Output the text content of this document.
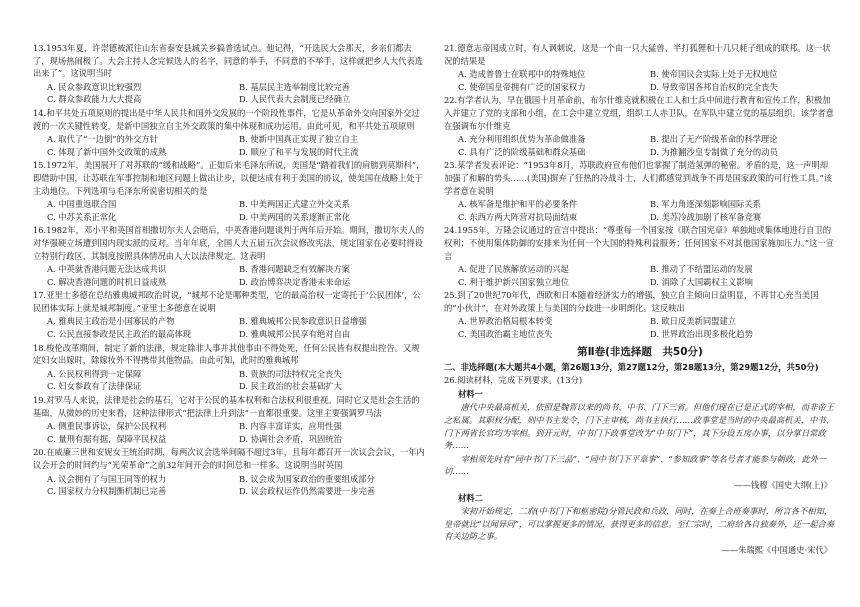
13.1953年夏，许崇德被派往山东省泰安县城关乡搞普选试点。他记得，“开选民大会那天，乡亲们都去了，现场热闹极了。大会主持人念完候选人的名字，同意的举手，不同意的不举手，这样就把乡人大代表选出来了”。这说明当时
A. 民众参政意识比较强烈	B. 基层民主选举制度比较完善
C. 群众参政能力大大提高	D. 人民代表大会制度已经确立
14.和平共处五项原则的提出是中华人民共和国外交发展的一个阶段性事件，它是从革命外交向国家外交过渡的一次关键性转变，是新中国独立自主外交政策的集中体现和成功运用。由此可见，和平共处五项原则
A. 取代了“一边倒”的外交方针	B. 使新中国真正实现了独立自主
C. 体现了新中国外交政策的成熟	D. 顺应了和平与发展的时代主流
15.1972年，美国展开了对苏联的“缓和战略”。正如后来毛泽东所说，美国是“踏着我们的肩膀到莫斯科”，即借助中国，让苏联在军事控制和地区问题上做出让步，以便达成有利于美国的协议，使美国在战略上处于主动地位。下列选项与毛泽东所说密切相关的是
A. 中国重返联合国	B. 中美两国正式建立外交关系
C. 中苏关系正常化	D. 中美两国的关系逐渐正常化
16.1982年，邓小平和英国首相撒切尔夫人会晤后，中英香港问题谈判于两年后开始。期间，撒切尔夫人的对华强硬立场遭到国内现实派的反对。当年年底，全国人大五届五次会议修改宪法，规定国家在必要时得设立特别行政区，其制度按照具体情况由人大以法律规定。这表明
A. 中英就香港问题无法达成共识	B. 香港问题缺乏有效解决方案
C. 解决香港问题的时机日益成熟	D. 政治博弈决定香港未来命运
17.亚里士多德在总结雅典城邦政治时说，“城邦不论是哪种类型，它的最高治权一定寄托于‘公民团体’，公民团体实际上就是城邦制度。”亚里士多德意在说明
A. 雅典民主政治是小国寡民的产物	B. 雅典城邦公民参政意识日益增强
C. 公民直接参政是民主政治的最高体现	D. 雅典城邦公民享有绝对自由
18.梭伦改革期间，制定了新的法律，规定除非人事并其他事由不得处死，任何公民皆有权提出控告。又规定妇女出嫁时，除嫁妆外不得携带其他物品。由此可知，此时的雅典城邦
A. 公民权利得到一定保障	B. 贵族的司法特权完全丧失
C. 妇女参政有了法律保证	D. 民主政治的社会基础扩大
19.对罗马人来说，法律是社会的基石，它对于公民的基本权利和合法权利很重视。同时它又是社会生活的基础，从微妙的历史来看，这种法律形式“把法律上升到法”一直都很重要。这里主要强调罗马法
A. 侧重民事诉讼，保护公民权利	B. 内容丰富详实，应用性强
C. 量刑有据有据，保障平民权益	D. 协调社会矛盾，巩固统治
20.在威廉三世和安妮女王统治时期，每两次议会选举间隔不超过3年，且每年都召开一次议会会议，一年内议会开会的时间约与“光荣革命”之前32年间开会的时间总和一样多。这说明当时英国
A. 议会拥有了与国王同等的权力	B. 议会成为国家政治的重要组成部分
C. 国家权力分权制衡机制已完善	D. 议会政权运作仍然需要进一步完善
21.德意志帝国成立时，有人讽刺说，这是一个由一只大猛兽、半打狐狸和十几只耗子组成的联邦。这一状况的结果是
A. 造成普鲁士在联邦中的特殊地位	B. 使帝国议会实际上处于无权地位
C. 使帝国皇帝拥有广泛的国家权力	D. 导致帝国各邦自治权的完全丧失
22.有学者认为，早在俄国十月革命前，布尔什维克就积极在工人和士兵中间进行教育和宣传工作，积极加入并建立了党的支部和小组，在工会中建立党组，组织工人赤卫队，在军队中建立党的基层组织。该学者意在强调布尔什维克
A. 充分利用组织优势为革命做准备	B. 提出了无产阶级革命的科学理论
C. 具有广泛的阶级基础和群众基础	D. 为推翻沙皇专制做了充分的动员
23.某学者发表评论：“1953年8月，苏联政府宣布他们也掌握了制造氢弹的秘密。矛盾的是，这一声明却加强了和解的势头……(美国)摒弃了狂热的冷战斗士，人们都感觉到战争不再是国家政策的可行性工具。”该学者意在说明
A. 核军备是维护和平的必要条件	B. 军力角逐深刻影响国际关系
C. 东西方两大阵营对抗局面结束	D. 美苏冷战加剧了核军备竞赛
24.1955年，万隆会议通过的宣言中提出：“尊重每一个国家按《联合国宪章》单独地或集体地进行自卫的权利；不使用集体防御的安排来为任何一个大国的特殊利益服务；任何国家不对其他国家施加压力。”这一宣言
A. 促进了民族解放运动的兴起	B. 推动了不结盟运动的发展
C. 利于维护新兴国家独立地位	D. 消除了大国霸权主义影响
25.到了20世纪70年代，西欧和日本随着经济实力的增强，独立自主倾向日益明显，不再甘心充当美国的“小伙计”，在对外政策上与美国的分歧进一步明朗化。这反映出
A. 世界政治格局根本转变	B. 欧日反美新同盟建立
C. 美国政治霸主地位丧失	D. 世界政治出现多极化趋势
第Ⅱ卷(非选择题　共50分)
二、非选择题(本大题共4小题，第26题13分，第27题12分，第28题13分，第29题12分，共50分)
26.阅读材料，完成下列要求。(13分)
材料一
唐代中央最高机关，依照是魏晋以来的尚书、中书、门下三省。但他们现在已是正式的宰相，而非帝王之私属。其职权分配，则中书主发令，门下主审核，尚书主执行……政事堂是当时的中央最高机关，中书、门下两省长官均为宰相。到开元时，中书门下政事堂改为“中书门下”，其下分设五房办事，以分掌日常政务……
宰相须先时有“同中书门下三品”、“同中书门下平章事”、“参知政事”等名号者才能参与朝政，此外一切……
——钱穆《国史大纲(上)》
材料二
宋初开始规定，二府(中书门下和枢密院)分管民政和兵政，同时，在奏上合班奏事时，所言各不相知，皇帝就比“以闻异同”，可以掌握更多的情况，获得更多的信息。至仁宗时，二府给各自独奏外，还一起合奏有关边防之事。
——朱瑞熙《中国通史·宋代》
